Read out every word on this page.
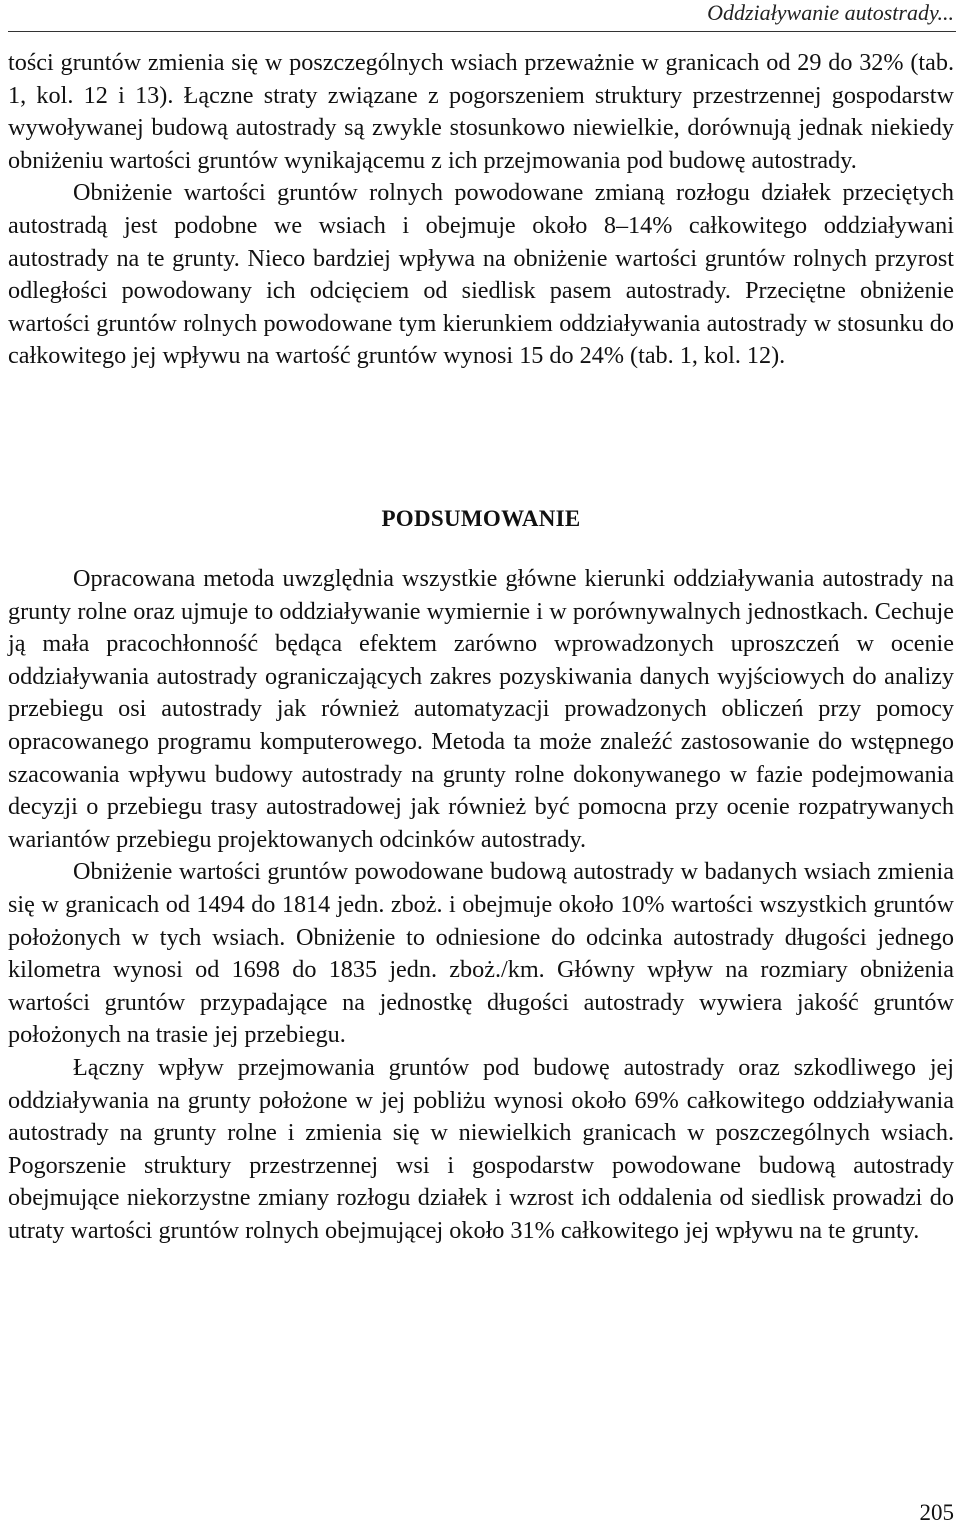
Oddziaływanie autostrady...

tości gruntów zmienia się w poszczególnych wsiach przeważnie w granicach od 29 do 32% (tab. 1, kol. 12 i 13). Łączne straty związane z pogorszeniem struktury przestrzennej gospodarstw wywoływanej budową autostrady są zwykle stosunkowo niewielkie, dorównują jednak niekiedy obniżeniu wartości gruntów wynikającemu z ich przejmowania pod budowę autostrady.

Obniżenie wartości gruntów rolnych powodowane zmianą rozłogu działek przeciętych autostradą jest podobne we wsiach i obejmuje około 8–14% całkowitego oddziaływani autostrady na te grunty. Nieco bardziej wpływa na obniżenie wartości gruntów rolnych przyrost odległości powodowany ich odcięciem od siedlisk pasem autostrady. Przeciętne obniżenie wartości gruntów rolnych powodowane tym kierunkiem oddziaływania autostrady w stosunku do całkowitego jej wpływu na wartość gruntów wynosi 15 do 24% (tab. 1, kol. 12).

PODSUMOWANIE

Opracowana metoda uwzględnia wszystkie główne kierunki oddziaływania autostrady na grunty rolne oraz ujmuje to oddziaływanie wymiernie i w porównywalnych jednostkach. Cechuje ją mała pracochłonność będąca efektem zarówno wprowadzonych uproszczeń w ocenie oddziaływania autostrady ograniczających zakres pozyskiwania danych wyjściowych do analizy przebiegu osi autostrady jak również automatyzacji prowadzonych obliczeń przy pomocy opracowanego programu komputerowego. Metoda ta może znaleźć zastosowanie do wstępnego szacowania wpływu budowy autostrady na grunty rolne dokonywanego w fazie podejmowania decyzji o przebiegu trasy autostradowej jak również być pomocna przy ocenie rozpatrywanych wariantów przebiegu projektowanych odcinków autostrady.

Obniżenie wartości gruntów powodowane budową autostrady w badanych wsiach zmienia się w granicach od 1494 do 1814 jedn. zboż. i obejmuje około 10% wartości wszystkich gruntów położonych w tych wsiach. Obniżenie to odniesione do odcinka autostrady długości jednego kilometra wynosi od 1698 do 1835 jedn. zboż./km. Główny wpływ na rozmiary obniżenia wartości gruntów przypadające na jednostkę długości autostrady wywiera jakość gruntów położonych na trasie jej przebiegu.

Łączny wpływ przejmowania gruntów pod budowę autostrady oraz szkodliwego jej oddziaływania na grunty położone w jej pobliżu wynosi około 69% całkowitego oddziaływania autostrady na grunty rolne i zmienia się w niewielkich granicach w poszczególnych wsiach. Pogorszenie struktury przestrzennej wsi i gospodarstw powodowane budową autostrady obejmujące niekorzystne zmiany rozłogu działek i wzrost ich oddalenia od siedlisk prowadzi do utraty wartości gruntów rolnych obejmującej około 31% całkowitego jej wpływu na te grunty.

205
